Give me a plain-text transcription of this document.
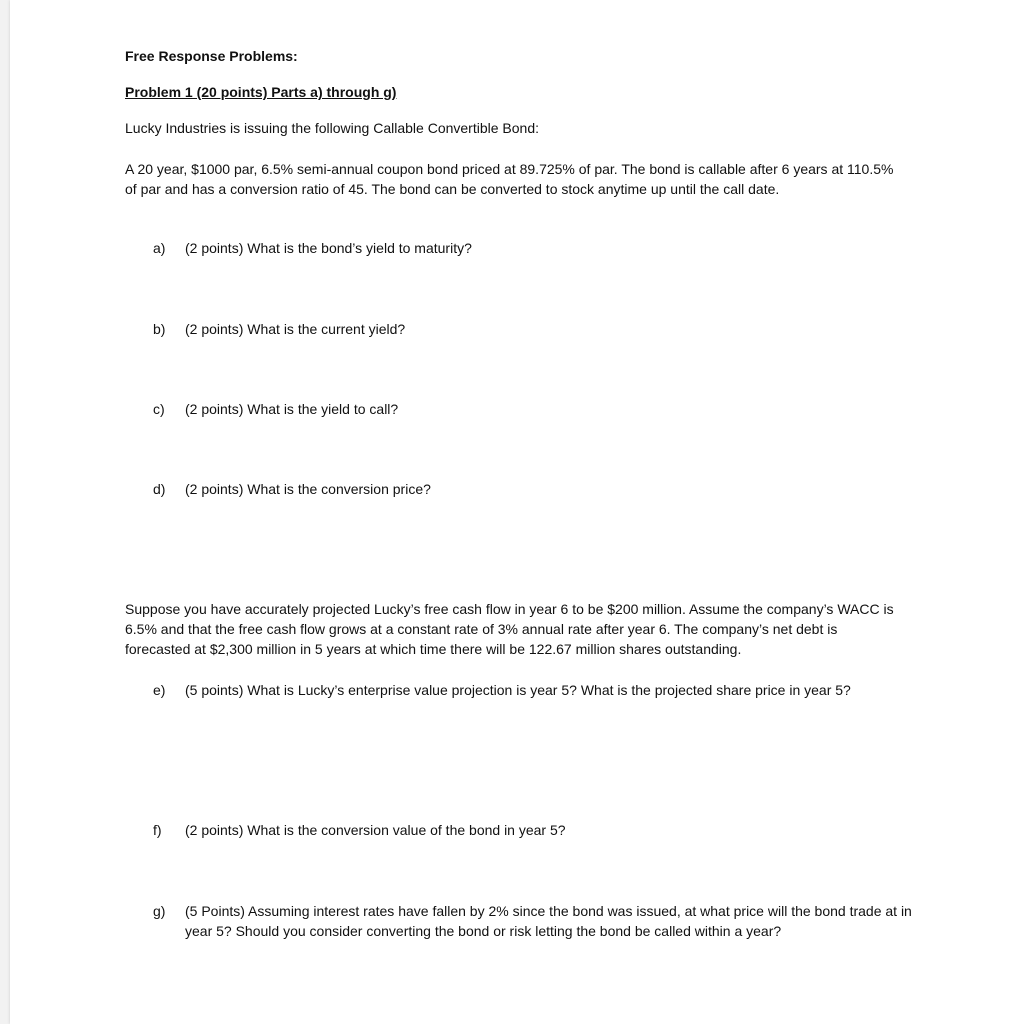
Free Response Problems:

Problem 1 (20 points) Parts a) through g)

Lucky Industries is issuing the following Callable Convertible Bond:

A 20 year, $1000 par, 6.5% semi-annual coupon bond priced at 89.725% of par. The bond is callable after 6 years at 110.5% of par and has a conversion ratio of 45. The bond can be converted to stock anytime up until the call date.

a)	(2 points) What is the bond’s yield to maturity?
b)	(2 points) What is the current yield?
c)	(2 points) What is the yield to call?
d)	(2 points) What is the conversion price?

Suppose you have accurately projected Lucky’s free cash flow in year 6 to be $200 million. Assume the company’s WACC is 6.5% and that the free cash flow grows at a constant rate of 3% annual rate after year 6. The company’s net debt is forecasted at $2,300 million in 5 years at which time there will be 122.67 million shares outstanding.

e)	(5 points) What is Lucky’s enterprise value projection is year 5? What is the projected share price in year 5?
f)	(2 points) What is the conversion value of the bond in year 5?
g)	(5 Points) Assuming interest rates have fallen by 2% since the bond was issued, at what price will the bond trade at in year 5? Should you consider converting the bond or risk letting the bond be called within a year?
